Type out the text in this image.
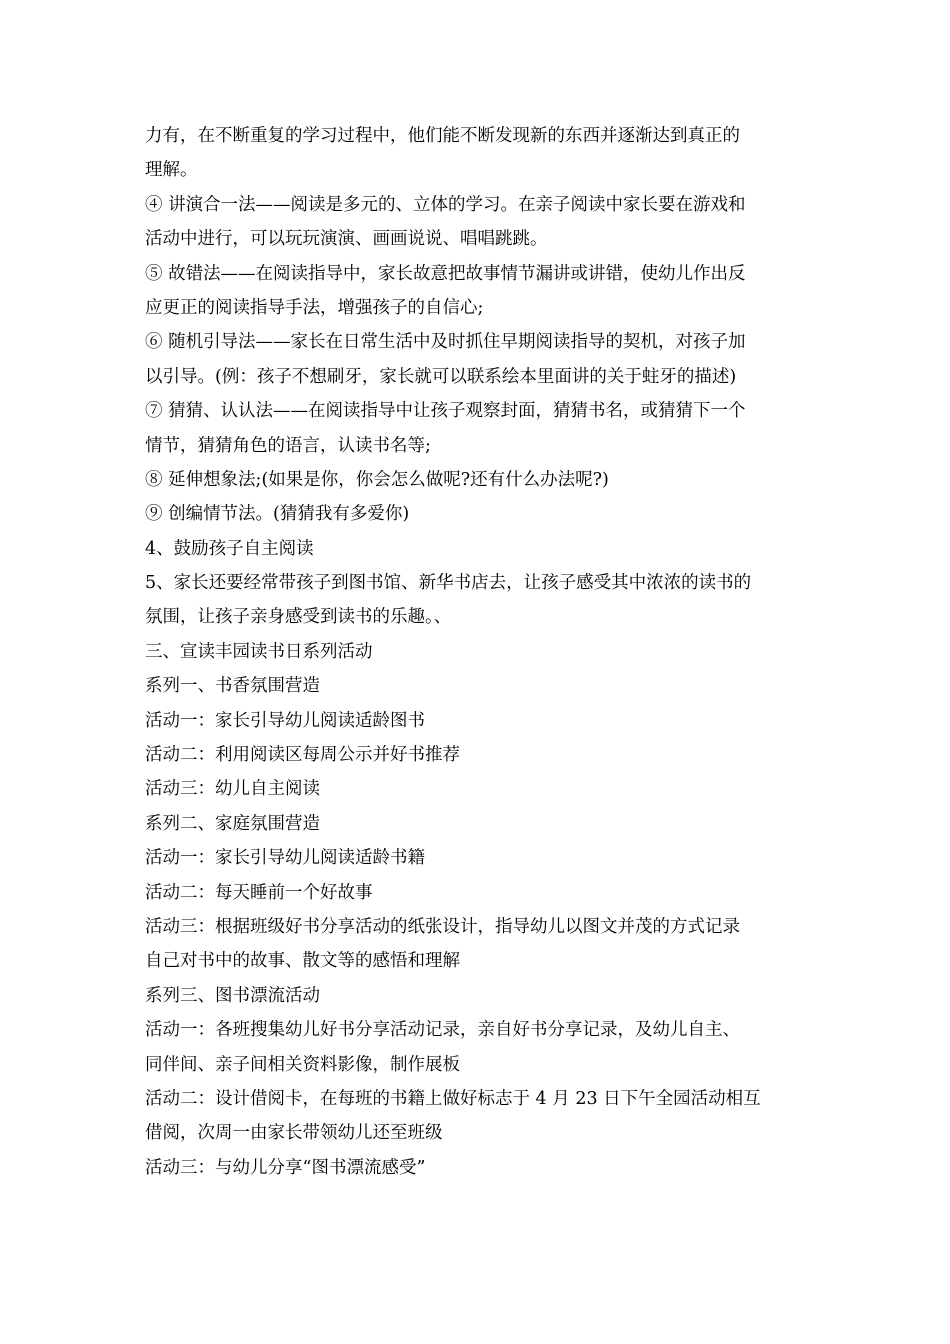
力有，在不断重复的学习过程中，他们能不断发现新的东西并逐渐达到真正的
理解。
④ 讲演合一法——阅读是多元的、立体的学习。在亲子阅读中家长要在游戏和
活动中进行，可以玩玩演演、画画说说、唱唱跳跳。
⑤ 故错法——在阅读指导中，家长故意把故事情节漏讲或讲错，使幼儿作出反
应更正的阅读指导手法，增强孩子的自信心;
⑥ 随机引导法——家长在日常生活中及时抓住早期阅读指导的契机，对孩子加
以引导。(例：孩子不想刷牙，家长就可以联系绘本里面讲的关于蛀牙的描述)
⑦ 猜猜、认认法——在阅读指导中让孩子观察封面，猜猜书名，或猜猜下一个
情节，猜猜角色的语言，认读书名等;
⑧ 延伸想象法;(如果是你，你会怎么做呢?还有什么办法呢?)
⑨ 创编情节法。(猜猜我有多爱你)
4、鼓励孩子自主阅读
5、家长还要经常带孩子到图书馆、新华书店去，让孩子感受其中浓浓的读书的
氛围，让孩子亲身感受到读书的乐趣。、
三、宣读丰园读书日系列活动
系列一、书香氛围营造
活动一：家长引导幼儿阅读适龄图书
活动二：利用阅读区每周公示并好书推荐
活动三：幼儿自主阅读
系列二、家庭氛围营造
活动一：家长引导幼儿阅读适龄书籍
活动二：每天睡前一个好故事
活动三：根据班级好书分享活动的纸张设计，指导幼儿以图文并茂的方式记录
自己对书中的故事、散文等的感悟和理解
系列三、图书漂流活动
活动一：各班搜集幼儿好书分享活动记录，亲自好书分享记录，及幼儿自主、
同伴间、亲子间相关资料影像，制作展板
活动二：设计借阅卡，在每班的书籍上做好标志于 4 月 23 日下午全园活动相互
借阅，次周一由家长带领幼儿还至班级
活动三：与幼儿分享“图书漂流感受”
